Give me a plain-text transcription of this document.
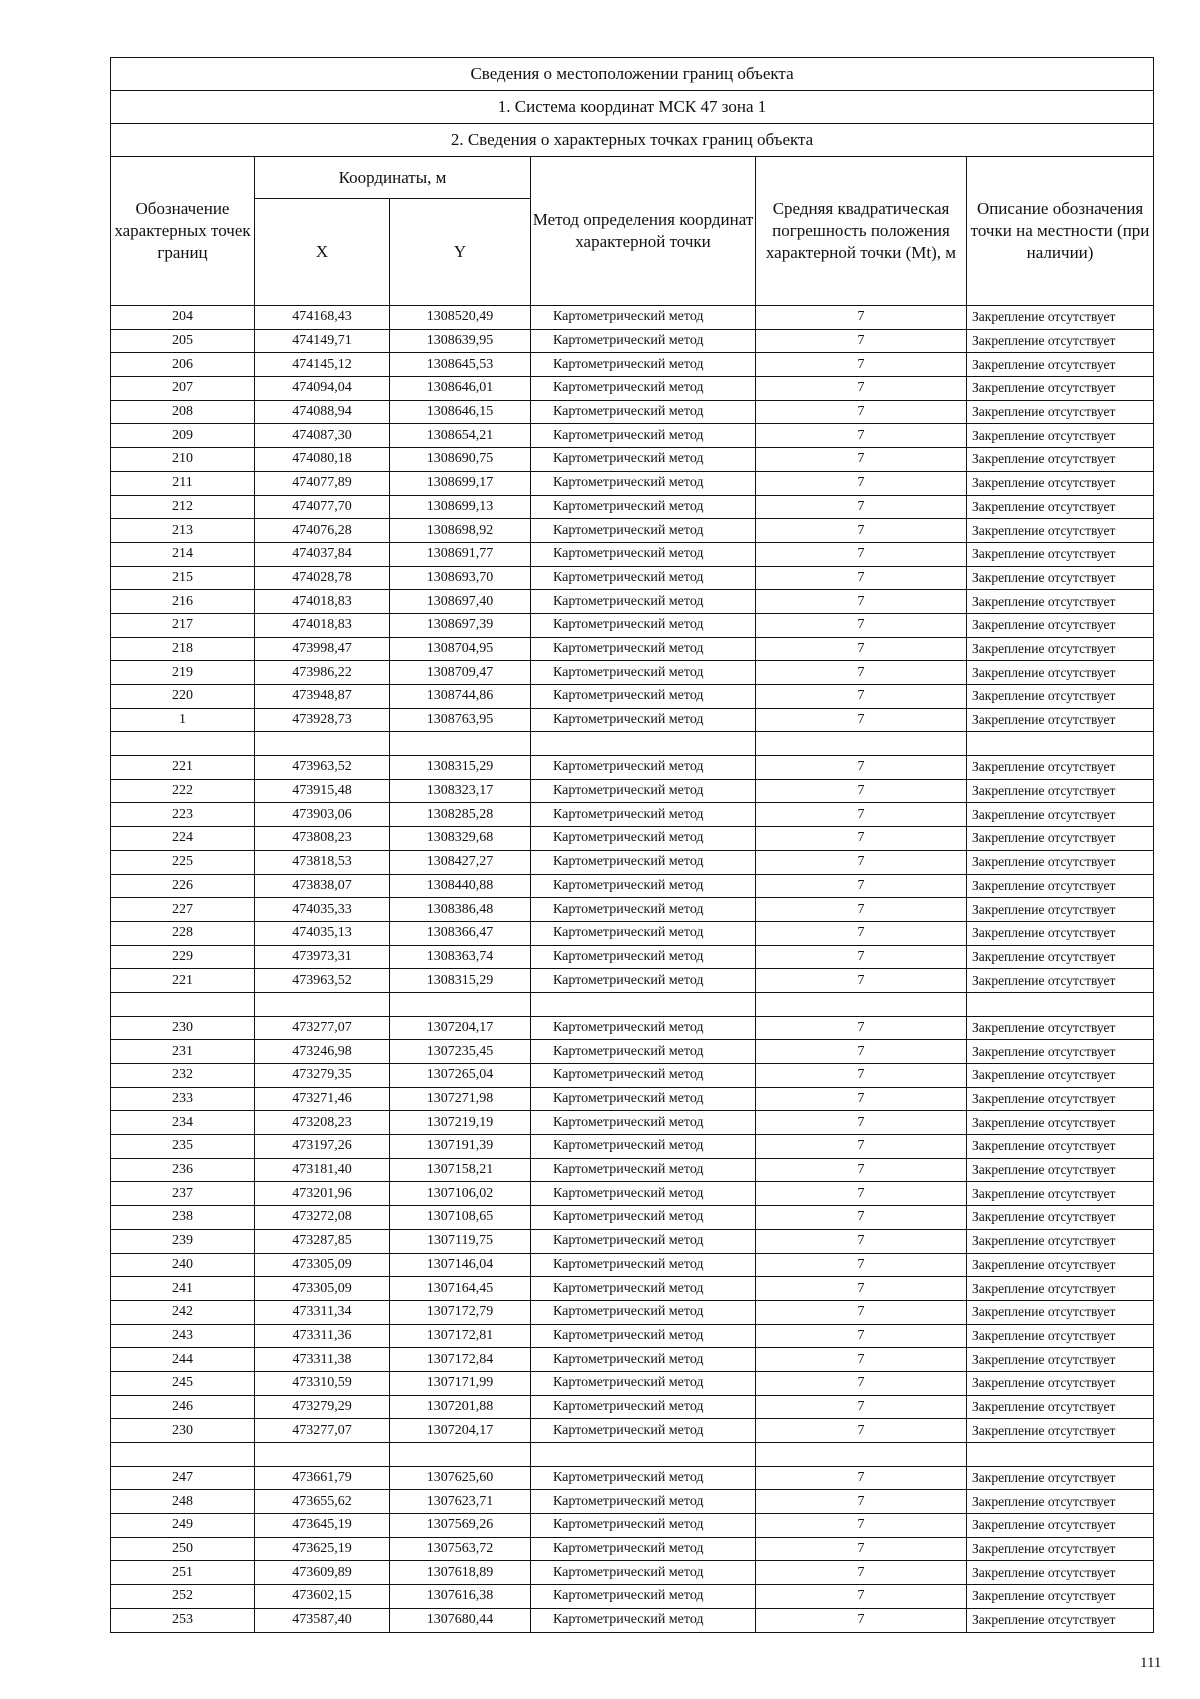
Сведения о местоположении границ объекта					
1. Система координат МСК 47 зона 1					
2. Сведения о характерных точках границ объекта					
Обозначение характерных точек границ	Координаты, м		Метод определения координат характерной точки	Средняя квадратическая погрешность положения характерной точки (Mt), м	Описание обозначения точки на местности (при наличии)
	X	Y			
204	474168,43	1308520,49	Картометрический метод	7	Закрепление отсутствует
205	474149,71	1308639,95	Картометрический метод	7	Закрепление отсутствует
206	474145,12	1308645,53	Картометрический метод	7	Закрепление отсутствует
207	474094,04	1308646,01	Картометрический метод	7	Закрепление отсутствует
208	474088,94	1308646,15	Картометрический метод	7	Закрепление отсутствует
209	474087,30	1308654,21	Картометрический метод	7	Закрепление отсутствует
210	474080,18	1308690,75	Картометрический метод	7	Закрепление отсутствует
211	474077,89	1308699,17	Картометрический метод	7	Закрепление отсутствует
212	474077,70	1308699,13	Картометрический метод	7	Закрепление отсутствует
213	474076,28	1308698,92	Картометрический метод	7	Закрепление отсутствует
214	474037,84	1308691,77	Картометрический метод	7	Закрепление отсутствует
215	474028,78	1308693,70	Картометрический метод	7	Закрепление отсутствует
216	474018,83	1308697,40	Картометрический метод	7	Закрепление отсутствует
217	474018,83	1308697,39	Картометрический метод	7	Закрепление отсутствует
218	473998,47	1308704,95	Картометрический метод	7	Закрепление отсутствует
219	473986,22	1308709,47	Картометрический метод	7	Закрепление отсутствует
220	473948,87	1308744,86	Картометрический метод	7	Закрепление отсутствует
1	473928,73	1308763,95	Картометрический метод	7	Закрепление отсутствует

221	473963,52	1308315,29	Картометрический метод	7	Закрепление отсутствует
222	473915,48	1308323,17	Картометрический метод	7	Закрепление отсутствует
223	473903,06	1308285,28	Картометрический метод	7	Закрепление отсутствует
224	473808,23	1308329,68	Картометрический метод	7	Закрепление отсутствует
225	473818,53	1308427,27	Картометрический метод	7	Закрепление отсутствует
226	473838,07	1308440,88	Картометрический метод	7	Закрепление отсутствует
227	474035,33	1308386,48	Картометрический метод	7	Закрепление отсутствует
228	474035,13	1308366,47	Картометрический метод	7	Закрепление отсутствует
229	473973,31	1308363,74	Картометрический метод	7	Закрепление отсутствует
221	473963,52	1308315,29	Картометрический метод	7	Закрепление отсутствует

230	473277,07	1307204,17	Картометрический метод	7	Закрепление отсутствует
231	473246,98	1307235,45	Картометрический метод	7	Закрепление отсутствует
232	473279,35	1307265,04	Картометрический метод	7	Закрепление отсутствует
233	473271,46	1307271,98	Картометрический метод	7	Закрепление отсутствует
234	473208,23	1307219,19	Картометрический метод	7	Закрепление отсутствует
235	473197,26	1307191,39	Картометрический метод	7	Закрепление отсутствует
236	473181,40	1307158,21	Картометрический метод	7	Закрепление отсутствует
237	473201,96	1307106,02	Картометрический метод	7	Закрепление отсутствует
238	473272,08	1307108,65	Картометрический метод	7	Закрепление отсутствует
239	473287,85	1307119,75	Картометрический метод	7	Закрепление отсутствует
240	473305,09	1307146,04	Картометрический метод	7	Закрепление отсутствует
241	473305,09	1307164,45	Картометрический метод	7	Закрепление отсутствует
242	473311,34	1307172,79	Картометрический метод	7	Закрепление отсутствует
243	473311,36	1307172,81	Картометрический метод	7	Закрепление отсутствует
244	473311,38	1307172,84	Картометрический метод	7	Закрепление отсутствует
245	473310,59	1307171,99	Картометрический метод	7	Закрепление отсутствует
246	473279,29	1307201,88	Картометрический метод	7	Закрепление отсутствует
230	473277,07	1307204,17	Картометрический метод	7	Закрепление отсутствует

247	473661,79	1307625,60	Картометрический метод	7	Закрепление отсутствует
248	473655,62	1307623,71	Картометрический метод	7	Закрепление отсутствует
249	473645,19	1307569,26	Картометрический метод	7	Закрепление отсутствует
250	473625,19	1307563,72	Картометрический метод	7	Закрепление отсутствует
251	473609,89	1307618,89	Картометрический метод	7	Закрепление отсутствует
252	473602,15	1307616,38	Картометрический метод	7	Закрепление отсутствует
253	473587,40	1307680,44	Картометрический метод	7	Закрепление отсутствует
111
